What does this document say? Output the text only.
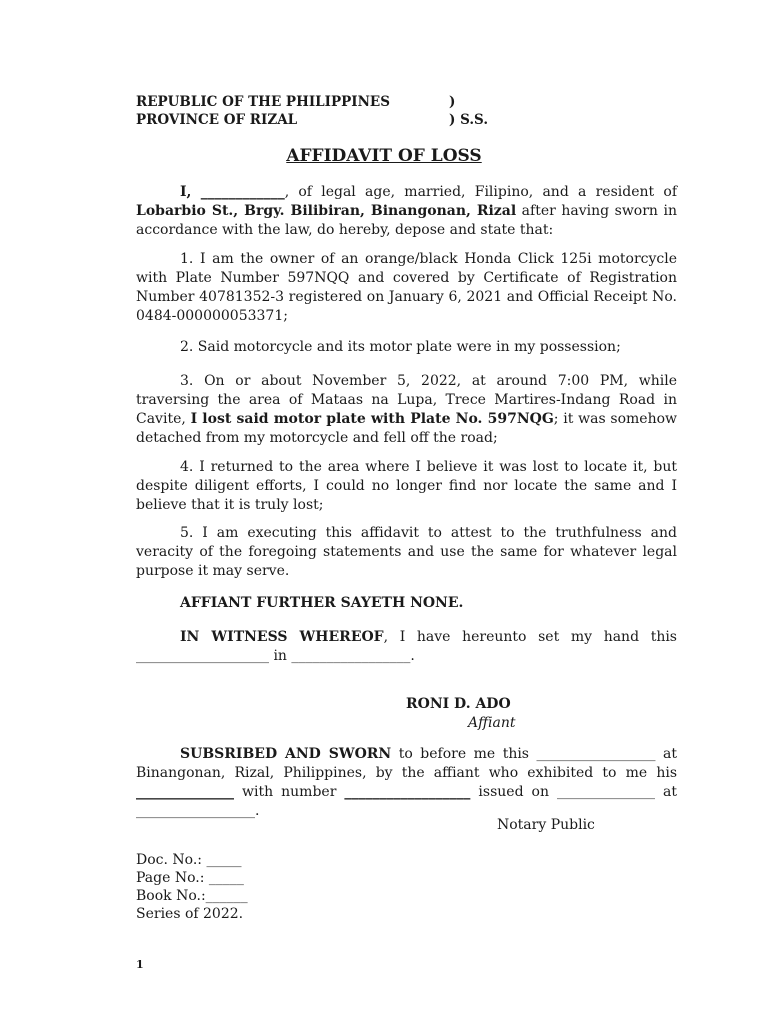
REPUBLIC OF THE PHILIPPINES	)
PROVINCE OF RIZAL	) S.S.
AFFIDAVIT OF LOSS
I, ____________, of legal age, married, Filipino, and a resident of Lobarbio St., Brgy. Bilibiran, Binangonan, Rizal after having sworn in accordance with the law, do hereby, depose and state that:
1. I am the owner of an orange/black Honda Click 125i motorcycle with Plate Number 597NQQ and covered by Certificate of Registration Number 40781352-3 registered on January 6, 2021 and Official Receipt No. 0484-000000053371;
2. Said motorcycle and its motor plate were in my possession;
3. On or about November 5, 2022, at around 7:00 PM, while traversing the area of Mataas na Lupa, Trece Martires-Indang Road in Cavite, I lost said motor plate with Plate No. 597NQG; it was somehow detached from my motorcycle and fell off the road;
4. I returned to the area where I believe it was lost to locate it, but despite diligent efforts, I could no longer find nor locate the same and I believe that it is truly lost;
5. I am executing this affidavit to attest to the truthfulness and veracity of the foregoing statements and use the same for whatever legal purpose it may serve.
AFFIANT FURTHER SAYETH NONE.
IN WITNESS WHEREOF, I have hereunto set my hand this ___________________ in _________________.
RONI D. ADO
Affiant
SUBSRIBED AND SWORN to before me this _________________ at Binangonan, Rizal, Philippines, by the affiant who exhibited to me his ______________ with number __________________ issued on ______________ at _________________.
Notary Public
Doc. No.: _____
Page No.: _____
Book No.:______
Series of 2022.
1
